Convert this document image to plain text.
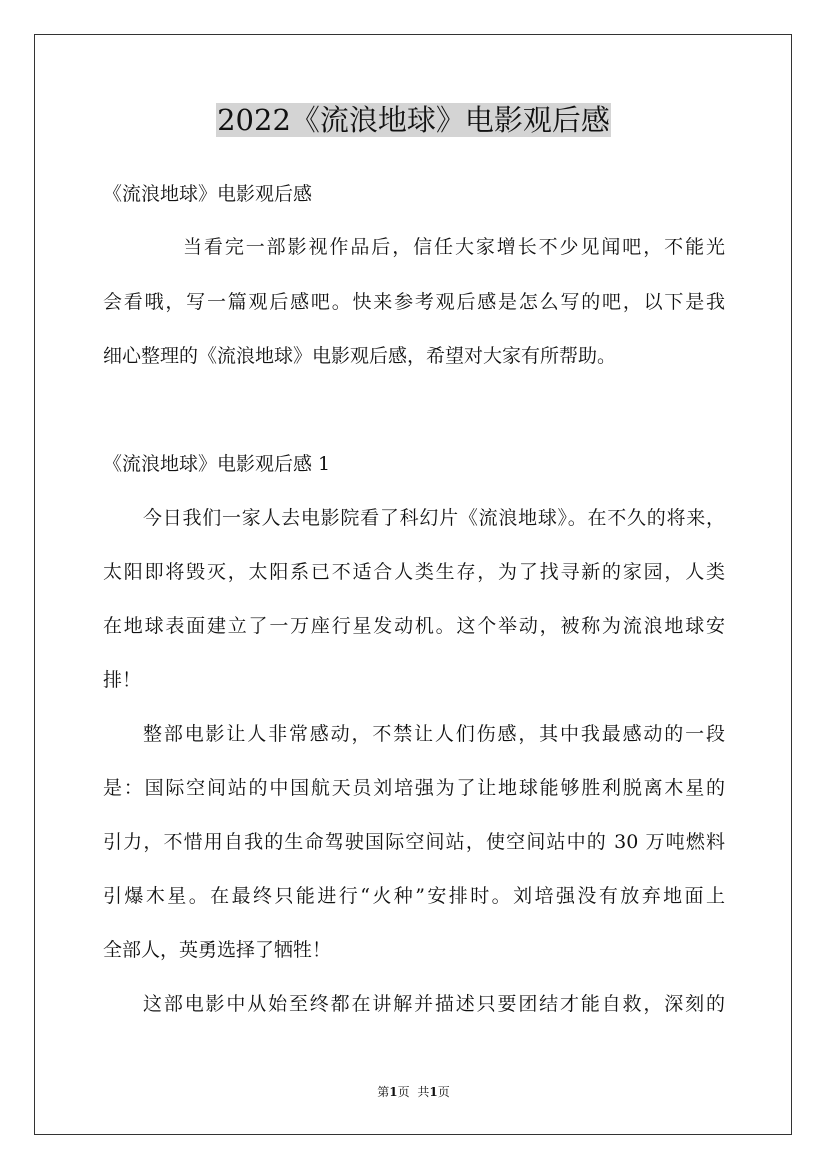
2022《流浪地球》电影观后感

《流浪地球》电影观后感

当看完一部影视作品后，信任大家增长不少见闻吧，不能光

会看哦，写一篇观后感吧。快来参考观后感是怎么写的吧，以下是我

细心整理的《流浪地球》电影观后感，希望对大家有所帮助。

《流浪地球》电影观后感 1

今日我们一家人去电影院看了科幻片《流浪地球》。在不久的将来，

太阳即将毁灭，太阳系已不适合人类生存，为了找寻新的家园，人类

在地球表面建立了一万座行星发动机。这个举动，被称为流浪地球安

排！

整部电影让人非常感动，不禁让人们伤感，其中我最感动的一段

是：国际空间站的中国航天员刘培强为了让地球能够胜利脱离木星的

引力，不惜用自我的生命驾驶国际空间站，使空间站中的 30 万吨燃料

引爆木星。在最终只能进行“火种”安排时。刘培强没有放弃地面上

全部人，英勇选择了牺牲！

这部电影中从始至终都在讲解并描述只要团结才能自救，深刻的

第1页 共1页
